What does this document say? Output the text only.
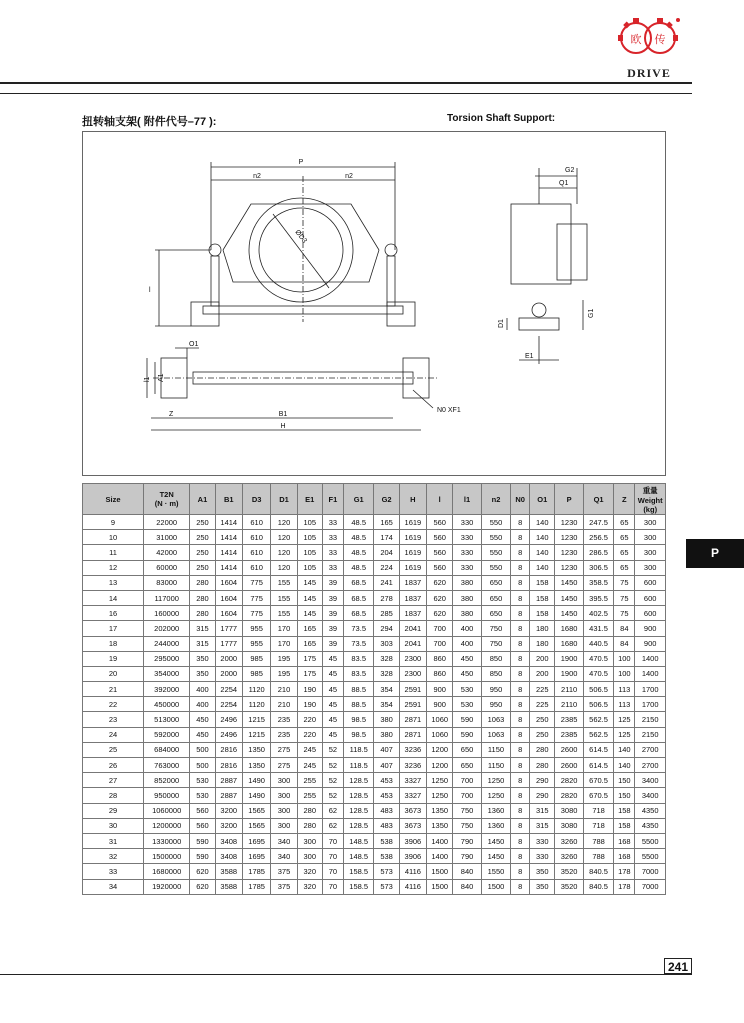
欧 传
DRIVE
扭转轴支架( 附件代号–77 ):	Torsion Shaft Support:
P
n2	n2
ØD3
l
O1
A1
l1
Z	B1
H
N0 XF1
G2
Q1
D1
G1
E1
Size	T2N
(N · m)	A1	B1	D3	D1	E1	F1	G1	G2	H	l	l1	n2	N0	O1	P	Q1	Z	重量
Weight
(kg)
9	22000	250	1414	610	120	105	33	48.5	165	1619	560	330	550	8	140	1230	247.5	65	300
10	31000	250	1414	610	120	105	33	48.5	174	1619	560	330	550	8	140	1230	256.5	65	300
11	42000	250	1414	610	120	105	33	48.5	204	1619	560	330	550	8	140	1230	286.5	65	300
12	60000	250	1414	610	120	105	33	48.5	224	1619	560	330	550	8	140	1230	306.5	65	300
13	83000	280	1604	775	155	145	39	68.5	241	1837	620	380	650	8	158	1450	358.5	75	600
14	117000	280	1604	775	155	145	39	68.5	278	1837	620	380	650	8	158	1450	395.5	75	600
16	160000	280	1604	775	155	145	39	68.5	285	1837	620	380	650	8	158	1450	402.5	75	600
17	202000	315	1777	955	170	165	39	73.5	294	2041	700	400	750	8	180	1680	431.5	84	900
18	244000	315	1777	955	170	165	39	73.5	303	2041	700	400	750	8	180	1680	440.5	84	900
19	295000	350	2000	985	195	175	45	83.5	328	2300	860	450	850	8	200	1900	470.5	100	1400
20	354000	350	2000	985	195	175	45	83.5	328	2300	860	450	850	8	200	1900	470.5	100	1400
21	392000	400	2254	1120	210	190	45	88.5	354	2591	900	530	950	8	225	2110	506.5	113	1700
22	450000	400	2254	1120	210	190	45	88.5	354	2591	900	530	950	8	225	2110	506.5	113	1700
23	513000	450	2496	1215	235	220	45	98.5	380	2871	1060	590	1063	8	250	2385	562.5	125	2150
24	592000	450	2496	1215	235	220	45	98.5	380	2871	1060	590	1063	8	250	2385	562.5	125	2150
25	684000	500	2816	1350	275	245	52	118.5	407	3236	1200	650	1150	8	280	2600	614.5	140	2700
26	763000	500	2816	1350	275	245	52	118.5	407	3236	1200	650	1150	8	280	2600	614.5	140	2700
27	852000	530	2887	1490	300	255	52	128.5	453	3327	1250	700	1250	8	290	2820	670.5	150	3400
28	950000	530	2887	1490	300	255	52	128.5	453	3327	1250	700	1250	8	290	2820	670.5	150	3400
29	1060000	560	3200	1565	300	280	62	128.5	483	3673	1350	750	1360	8	315	3080	718	158	4350
30	1200000	560	3200	1565	300	280	62	128.5	483	3673	1350	750	1360	8	315	3080	718	158	4350
31	1330000	590	3408	1695	340	300	70	148.5	538	3906	1400	790	1450	8	330	3260	788	168	5500
32	1500000	590	3408	1695	340	300	70	148.5	538	3906	1400	790	1450	8	330	3260	788	168	5500
33	1680000	620	3588	1785	375	320	70	158.5	573	4116	1500	840	1550	8	350	3520	840.5	178	7000
34	1920000	620	3588	1785	375	320	70	158.5	573	4116	1500	840	1500	8	350	3520	840.5	178	7000
P
241
